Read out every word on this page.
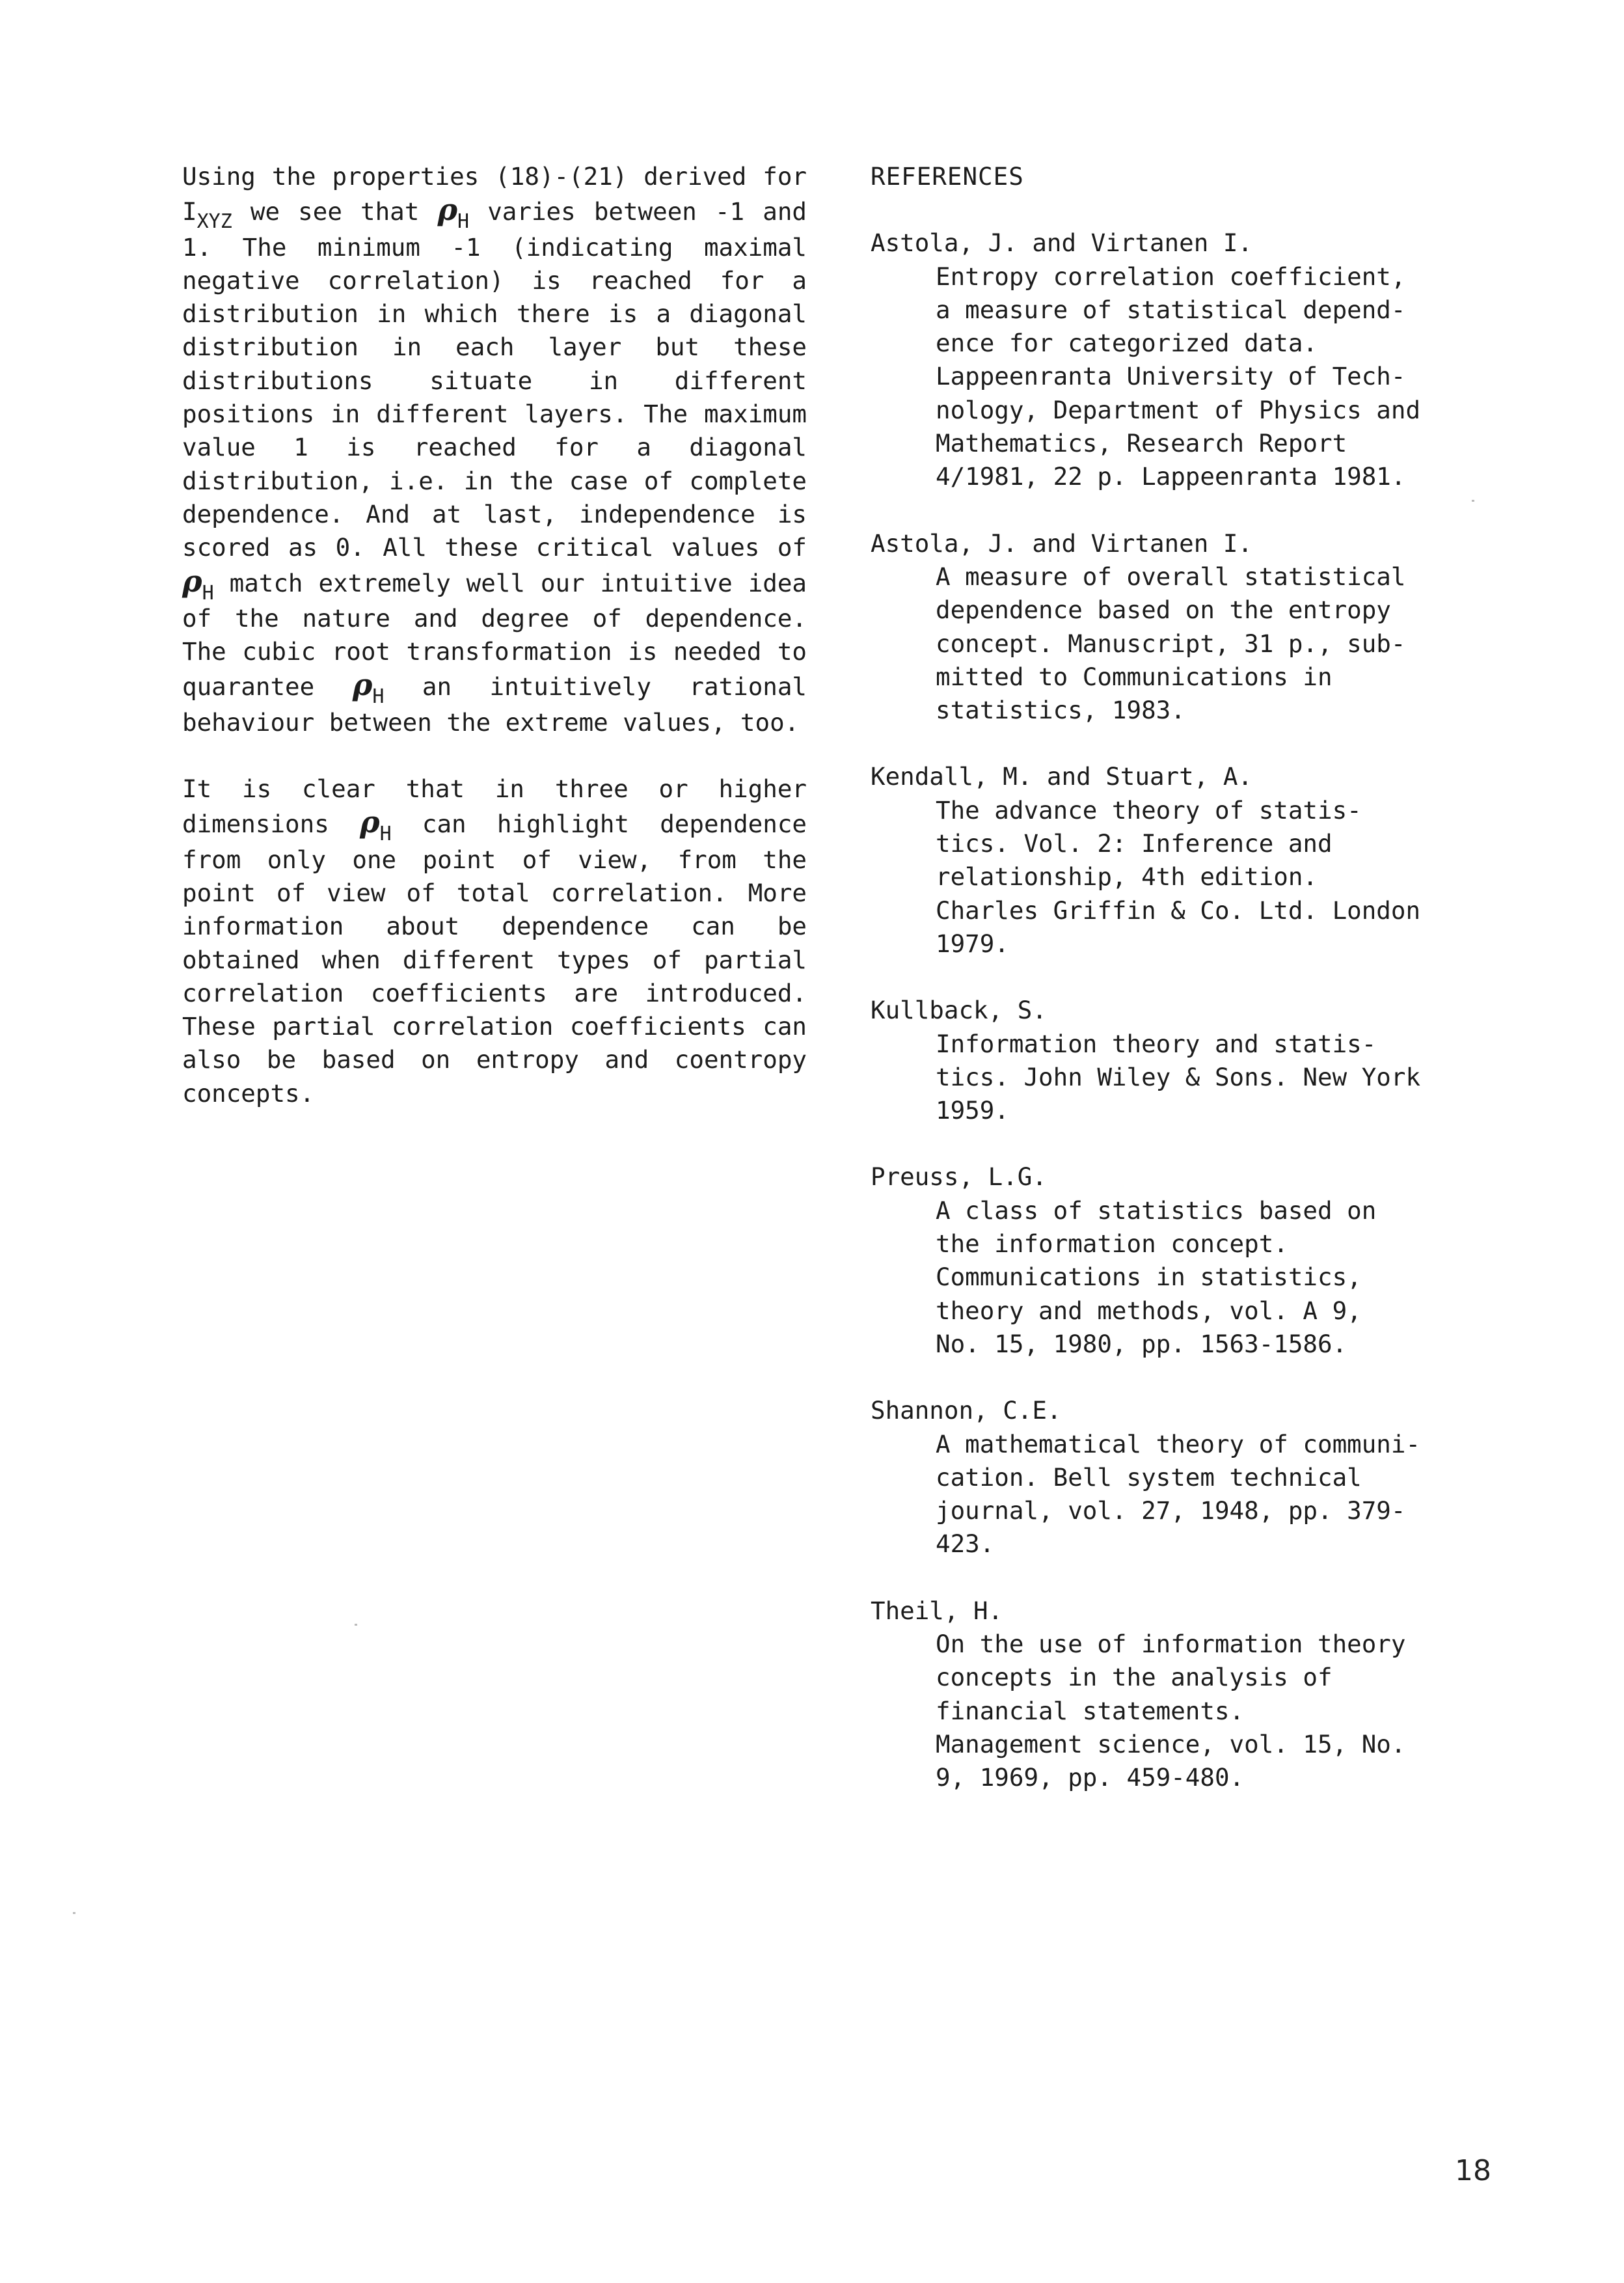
Using the properties (18)-(21) derived for $I_{XYZ}$ we see that $\rho_H$ varies between -1 and 1. The minimum -1 (indicating maximal negative correlation) is reached for a distribution in which there is a diagonal distribution in each layer but these distributions situate in different positions in different layers. The maximum value 1 is reached for a diagonal distribution, i.e. in the case of complete dependence. And at last, independence is scored as 0. All these critical values of $\rho_H$ match extremely well our intuitive idea of the nature and degree of dependence. The cubic root transformation is needed to quarantee $\rho_H$ an intuitively rational behaviour between the extreme values, too.

It is clear that in three or higher dimensions $\rho_H$ can highlight dependence from only one point of view, from the point of view of total correlation. More information about dependence can be obtained when different types of partial correlation coefficients are introduced. These partial correlation coefficients can also be based on entropy and coentropy concepts.

REFERENCES

Astola, J. and Virtanen I.

Entropy correlation coefficient,
a measure of statistical depend-
ence for categorized data.
Lappeenranta University of Tech-
nology, Department of Physics and
Mathematics, Research Report
4/1981, 22 p. Lappeenranta 1981.

Astola, J. and Virtanen I.

A measure of overall statistical
dependence based on the entropy
concept. Manuscript, 31 p., sub-
mitted to Communications in
statistics, 1983.

Kendall, M. and Stuart, A.

The advance theory of statis-
tics. Vol. 2: Inference and
relationship, 4th edition.
Charles Griffin & Co. Ltd. London
1979.

Kullback, S.

Information theory and statis-
tics. John Wiley & Sons. New York
1959.

Preuss, L.G.

A class of statistics based on
the information concept.
Communications in statistics,
theory and methods, vol. A 9,
No. 15, 1980, pp. 1563-1586.

Shannon, C.E.

A mathematical theory of communi-
cation. Bell system technical
journal, vol. 27, 1948, pp. 379-
423.

Theil, H.

On the use of information theory
concepts in the analysis of
financial statements.
Management science, vol. 15, No.
9, 1969, pp. 459-480.

18
